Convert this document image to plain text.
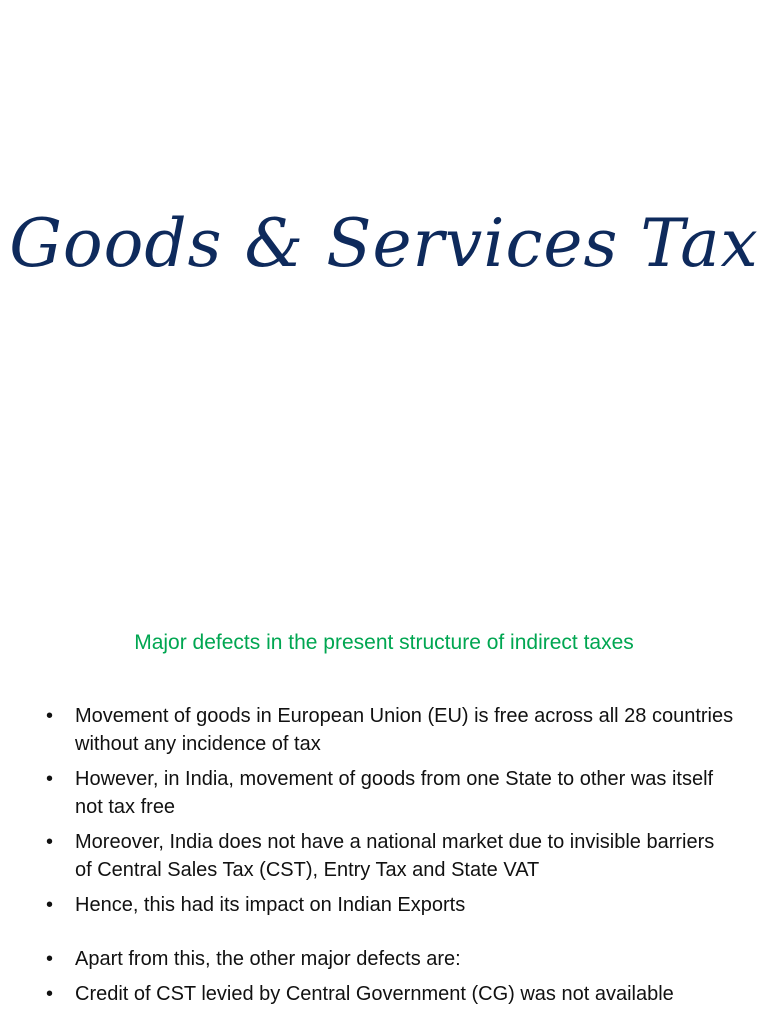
Goods & Services Tax
Major defects in the present structure of indirect taxes
•	Movement of goods in European Union (EU) is free across all 28 countries without any incidence of tax
•	However, in India, movement of goods from one State to other was itself not tax free
•	Moreover, India does not have a national market due to invisible barriers of Central Sales Tax (CST), Entry Tax and State VAT
•	Hence, this had its impact on Indian Exports
•	Apart from this, the other major defects are:
•	Credit of CST levied by Central Government (CG) was not available
